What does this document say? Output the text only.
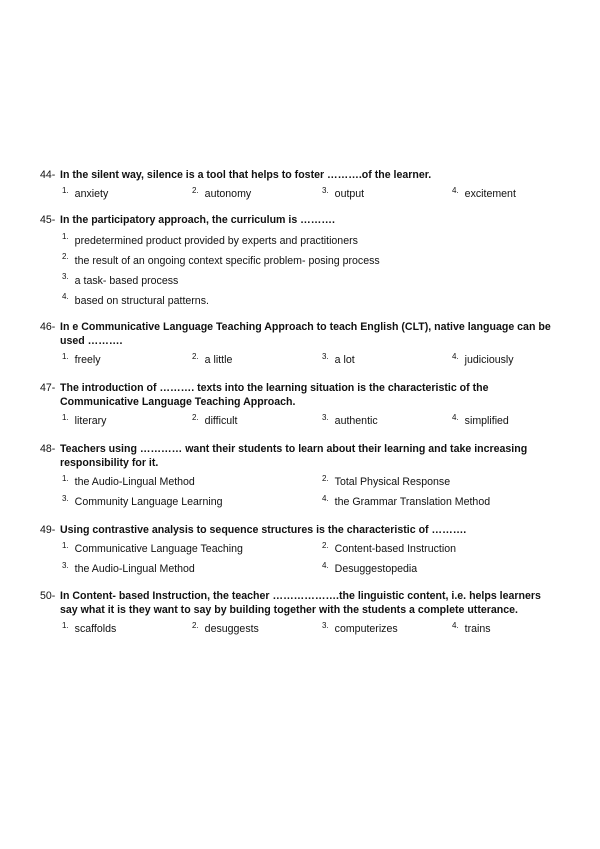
44- In the silent way, silence is a tool that helps to foster ……….of the learner.
$^{1.}$ anxiety	$^{2.}$ autonomy	$^{3.}$ output	$^{4.}$ excitement
45- In the participatory approach, the curriculum is ……….
$^{1.}$ predetermined product provided by experts and practitioners
$^{2.}$ the result of an ongoing context specific problem- posing process
$^{3.}$ a task- based process
$^{4.}$ based on structural patterns.
46- In e Communicative Language Teaching Approach to teach English (CLT), native language can be used ……….
$^{1.}$ freely	$^{2.}$ a little	$^{3.}$ a lot	$^{4.}$ judiciously
47- The introduction of ………. texts into the learning situation is the characteristic of the Communicative Language Teaching Approach.
$^{1.}$ literary	$^{2.}$ difficult	$^{3.}$ authentic	$^{4.}$ simplified
48- Teachers using ………… want their students to learn about their learning and take increasing responsibility for it.
$^{1.}$ the Audio-Lingual Method	$^{2.}$ Total Physical Response
$^{3.}$ Community Language Learning	$^{4.}$ the Grammar Translation Method
49- Using contrastive analysis to sequence structures is the characteristic of ……….
$^{1.}$ Communicative Language Teaching	$^{2.}$ Content-based Instruction
$^{3.}$ the Audio-Lingual Method	$^{4.}$ Desuggestopedia
50- In Content- based Instruction, the teacher ……………….the linguistic content, i.e. helps learners say what it is they want to say by building together with the students a complete utterance.
$^{1.}$ scaffolds	$^{2.}$ desuggests	$^{3.}$ computerizes	$^{4.}$ trains
